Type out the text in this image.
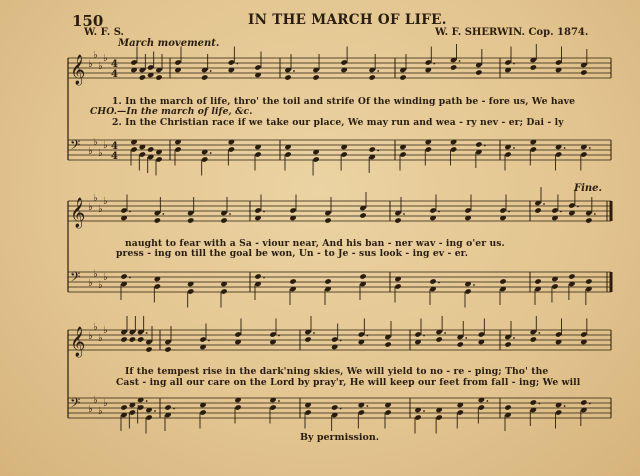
𝄞 ♭
♭
♭
♭
4
4
𝄢 ♭
♭
♭
♭ 4
4
𝄞 ♭
♭
♭
♭
𝄢 ♭
♭
♭
♭
𝄞 ♭
♭
♭
♭
𝄢 ♭
♭
♭
♭
150	IN THE MARCH OF LIFE.
W. F. S.	W. F. SHERWIN. Cop. 1874.
March movement.
Fine.
1. In the march of life, thro' the toil and strife Of the winding path be - fore us, We have
CHO.—In the march of life, &c.
2. In the Christian race if we take our place, We may run and wea - ry nev - er; Dai - ly
naught to fear with a Sa - viour near, And his ban - ner wav - ing o'er us.
press - ing on till the goal be won, Un - to Je - sus look - ing ev - er.
If the tempest rise in the dark'ning skies, We will yield to no - re - ping; Tho' the
Cast - ing all our care on the Lord by pray'r, He will keep our feet from fall - ing; We will
By permission.
